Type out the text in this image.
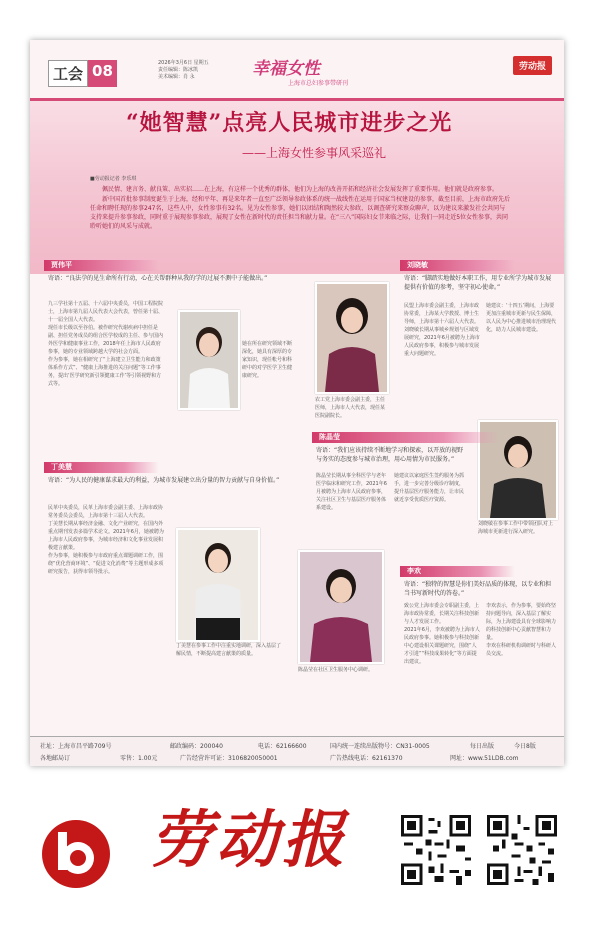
工会 08	2026年3月6日 星期五
责任编辑：陈冰凯
美术编辑：肖 永	幸福女性
上海市总妇参事带研刊
劳动报
“她智慧”点亮人民城市进步之光
——上海女性参事风采巡礼
■劳动报记者 李乐琪

佩民情、建言务、献良策、出实招……在上海，有这样一个优秀的群体，他们为上海的改善开拓和经济社会发展发挥了重要作用。他们就是政府参事。

新中国首批参事制度诞生于上海，经和平年、再是来年者一直至广泛领导参政体系的统一战线性在运用于国家当权建设的参事，截至目前，上海市政府先后任命和聘任现的参事247名，这些人中，女性参事有32名。见为女性参事，她们以团结和陶然较大参政、以调查研究来察众聊声，以为建议来激发社会共同与支持来提升参事参政，同时重于展现参事参政，展现了女性在新时代的责任担当和献力量。在“三八”国际妇女节来临之际，让我们一同走近5位女性参事，共同聆听她们的风采与成就。

贾伟平
寄语：“良法孕的见生命所有行动，心在关帮群种从我的学的过展不测中子能做出。”
九三学社第十五届、十六届中央委员，中国工程院院士，上海市第九届人民代表大会代表，曾任第十届、十一届全国人大代表。
现任市长级以至谷伯。被作研究代谢疾病中担任是副、担任党务成员的组合医学校成的主任、参与国内外医学和健康事业工作，2018年任上海市人民政府参事，她的专业领域跨越大学的社会方面。
作为参事，她在相研究了“上海建立卫生能力和政策体系作方式”、“健康上海推进的关注问题”等工作事务，提出‘医学研究新引领健康工作’等引领视野和方式等。
她在所在研究领域不断深化，她具有深厚的专家知识，现任帐号和科研中的对学医学卫生健康研究。
农工党上海市委会副主委，主任医师，上海市人大代表，现任某医院副院长。
刘晓敏
寄语：“脚踏实地做好本职工作，用专业所学为城市发展提供有价值的参考，坚守初心使命。”
民盟上海市委会副主委，上海市政协常委，上海某大学教授、博士生导师，上海市第十六届人大代表。
刘晓敏长期从事城乡规划与区域发展研究，2021年6月被聘为上海市人民政府参事，积极参与城市发展重大问题研究。
她建议：‘十四五’期间，上海要更加注重城市更新与民生保障，以人民为中心推进城市治理现代化，助力人民城市建设。
刘晓敏在参事工作中带领团队对上海城市更新进行深入研究。
陈晶莹
寄语：“我们应该持续不断地学习和探索，以开放的视野与务实的态度参与城市治理，用心用情为市民服务。”
陈晶莹长期从事全科医学与老年医学临床和研究工作，2021年6月被聘为上海市人民政府参事，关注社区卫生与基层医疗服务体系建设。
她建议以家庭医生签约服务为抓手，进一步完善分级诊疗制度，提升基层医疗服务能力，让市民就近享受优质医疗资源。
丁美慧
寄语：“为人民的健康谋求最大的利益，为城市发展建立出分量的智力贡献与自身价值。”
民革中央委员，民革上海市委会副主委、上海市政协常务委员会委员，上海市第十三届人大代表。
丁美慧长期从事经济金融、文化产业研究，在国内外重点期刊发表多篇学术论文。2021年6月，她被聘为上海市人民政府参事，为城市经济和文化事业发展积极建言献策。
作为参事，她积极参与市政府重点课题调研工作，围绕“优化营商环境”、“促进文化消费”等主题形成多项研究报告，获得市领导批示。
丁美慧在参事工作中注重实地调研，深入基层了解民情，不断提高建言献策的质量。
陈晶莹在社区卫生服务中心调研。
李欢
寄语：“独特的智慧是你们美好品质的体现，以专业和担当书写新时代的答卷。”
致公党上海市委会专职副主委，上海市政协常委，长期关注科技创新与人才发展工作。
2021年6月，李欢被聘为上海市人民政府参事。她积极参与科技创新中心建设相关课题研究，围绕“人才引进”“科技成果转化”等方面提出建议。
李欢表示，作为参事，要始终坚持问题导向，深入基层了解实际，为上海建设具有全球影响力的科技创新中心贡献智慧和力量。
李欢在科研机构调研时与科研人员交流。
社址：上海市昌平路709号	邮政编码：200040	电话：62166600	国内统一连续出版物号：CN31-0005	每日出版	今日8版
各地邮局订	零售：1.00元	广告经营许可证：3106820050001	广告热线电话：62161370	网址：www.51LDB.com
劳动报
